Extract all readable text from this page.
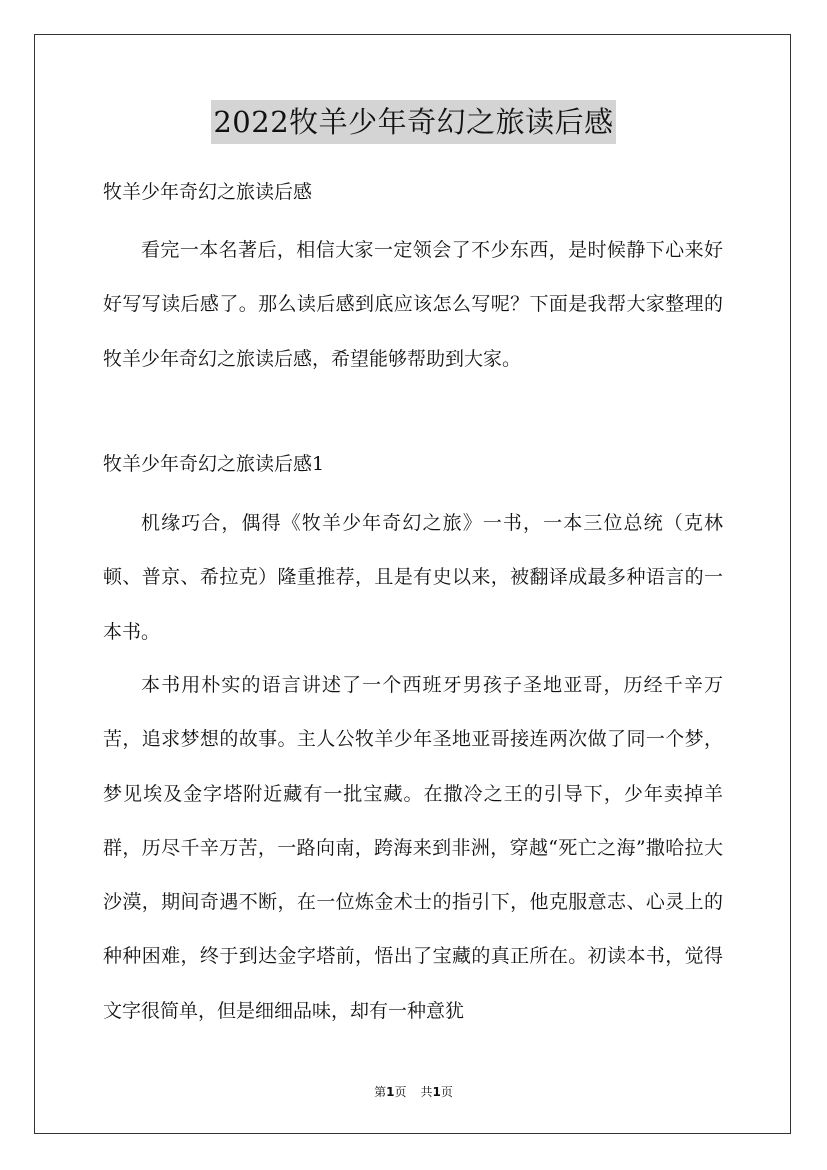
2022牧羊少年奇幻之旅读后感
牧羊少年奇幻之旅读后感

看完一本名著后，相信大家一定领会了不少东西，是时候静下心来好好写写读后感了。那么读后感到底应该怎么写呢？下面是我帮大家整理的牧羊少年奇幻之旅读后感，希望能够帮助到大家。

牧羊少年奇幻之旅读后感1

机缘巧合，偶得《牧羊少年奇幻之旅》一书，一本三位总统（克林顿、普京、希拉克）隆重推荐，且是有史以来，被翻译成最多种语言的一本书。

本书用朴实的语言讲述了一个西班牙男孩子圣地亚哥，历经千辛万苦，追求梦想的故事。主人公牧羊少年圣地亚哥接连两次做了同一个梦，梦见埃及金字塔附近藏有一批宝藏。在撒冷之王的引导下，少年卖掉羊群，历尽千辛万苦，一路向南，跨海来到非洲，穿越“死亡之海”撒哈拉大沙漠，期间奇遇不断，在一位炼金术士的指引下，他克服意志、心灵上的种种困难，终于到达金字塔前，悟出了宝藏的真正所在。初读本书，觉得文字很简单，但是细细品味，却有一种意犹

第1页 共1页
